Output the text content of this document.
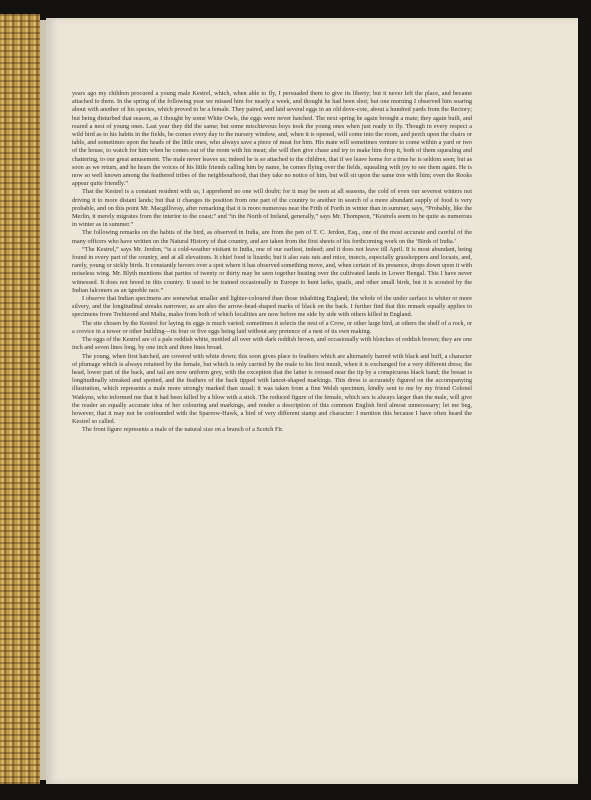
years ago my children procured a young male Kestrel, which, when able to fly, I persuaded them to give its liberty; but it never left the place, and became attached to them. In the spring of the following year we missed him for nearly a week, and thought he had been shot; but one morning I observed him soaring about with another of his species, which proved to be a female. They paired, and laid several eggs in an old dove-cote, about a hundred yards from the Rectory; but being disturbed that season, as I thought by some White Owls, the eggs were never hatched. The next spring he again brought a mate; they again built, and reared a nest of young ones. Last year they did the same; but some mischievous boys took the young ones when just ready to fly. Though in every respect a wild bird as to his habits in the fields, he comes every day to the nursery window, and, when it is opened, will come into the room, and perch upon the chairs or table, and sometimes upon the heads of the little ones, who always save a piece of meat for him. His mate will sometimes venture to come within a yard or two of the house, to watch for him when he comes out of the room with his meat; she will then give chase and try to make him drop it, both of them squealing and chattering, to our great amusement. The male never leaves us; indeed he is so attached to the children, that if we leave home for a time he is seldom seen; but as soon as we return, and he hears the voices of his little friends calling him by name, he comes flying over the fields, squealing with joy to see them again. He is now so well known among the feathered tribes of the neighbourhood, that they take no notice of him, but will sit upon the same tree with him; even the Rooks appear quite friendly.”

That the Kestrel is a constant resident with us, I apprehend no one will doubt; for it may be seen at all seasons, the cold of even our severest winters not driving it to more distant lands; but that it changes its position from one part of the country to another in search of a more abundant supply of food is very probable, and on this point Mr. Macgillivray, after remarking that it is more numerous near the Frith of Forth in winter than in summer, says, “Probably, like the Merlin, it merely migrates from the interior to the coast;” and “in the North of Ireland, generally,” says Mr. Thompson, “Kestrels seem to be quite as numerous in winter as in summer.”

The following remarks on the habits of the bird, as observed in India, are from the pen of T. C. Jerdon, Esq., one of the most accurate and careful of the many officers who have written on the Natural History of that country, and are taken from the first sheets of his forthcoming work on the ‘Birds of India.’

“The Kestrel,” says Mr. Jerdon, “is a cold-weather visitant to India, one of our earliest, indeed; and it does not leave till April. It is most abundant, being found in every part of the country, and at all elevations. It chief food is lizards; but it also eats rats and mice, insects, especially grasshoppers and locusts, and, rarely, young or sickly birds. It constantly hovers over a spot where it has observed something move, and, when certain of its presence, drops down upon it with noiseless wing. Mr. Blyth mentions that parties of twenty or thirty may be seen together beating over the cultivated lands in Lower Bengal. This I have never witnessed. It does not breed in this country. It used to be trained occasionally in Europe to hunt larks, quails, and other small birds, but it is scouted by the Indian falconers as an ignoble race.”

I observe that Indian specimens are somewhat smaller and lighter-coloured than those inhabiting England; the whole of the under surface is whiter or more silvery, and the longitudinal streaks narrower, as are also the arrow-head-shaped marks of black on the back. I further find that this remark equally applies to specimens from Trebizond and Malta, males from both of which localities are now before me side by side with others killed in England.

The site chosen by the Kestrel for laying its eggs is much varied; sometimes it selects the nest of a Crow, or other large bird, at others the shelf of a rock, or a crevice in a tower or other building—its four or five eggs being laid without any pretence of a nest of its own making.

The eggs of the Kestrel are of a pale reddish white, mottled all over with dark reddish brown, and occasionally with blotches of reddish brown; they are one inch and seven lines long, by one inch and three lines broad.

The young, when first hatched, are covered with white down; this soon gives place to feathers which are alternately barred with black and buff, a character of plumage which is always retained by the female, but which is only carried by the male to his first moult, when it is exchanged for a very different dress; the head, lower part of the back, and tail are now uniform grey, with the exception that the latter is crossed near the tip by a conspicuous black band; the breast is longitudinally streaked and spotted, and the feathers of the back tipped with lancet-shaped markings. This dress is accurately figured on the accompanying illustration, which represents a male more strongly marked than usual; it was taken from a fine Welsh specimen, kindly sent to me by my friend Colonel Watkyns, who informed me that it had been killed by a blow with a stick. The reduced figure of the female, which sex is always larger than the male, will give the reader an equally accurate idea of her colouring and markings, and render a description of this common English bird almost unnecessary; let me beg, however, that it may not be confounded with the Sparrow-Hawk, a bird of very different stamp and character: I mention this because I have often heard the Kestrel so called.

The front figure represents a male of the natural size on a branch of a Scotch Fir.
